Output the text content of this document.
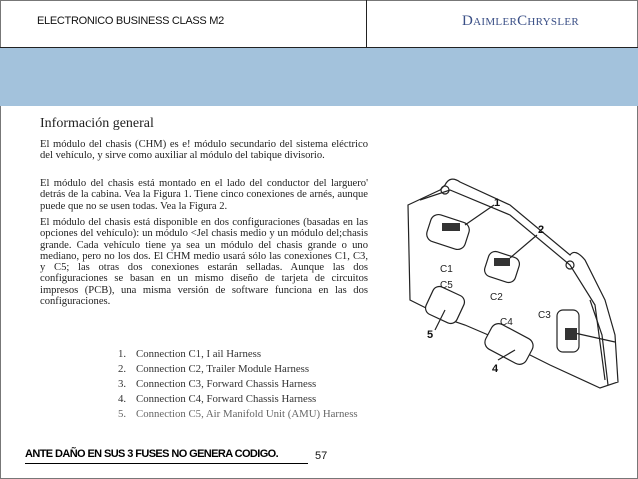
ELECTRONICO BUSINESS CLASS M2	DaimlerChrysler
Información general
El módulo del chasis (CHM) es e! módulo secundario del sistema eléctrico del vehículo, y sirve como auxiliar al módulo del tabique divisorio.
El módulo del chasis está montado en el lado del conductor del larguero' detrás de la cabina. Vea la Figura 1. Tiene cinco conexiones de arnés, aunque puede que no se usen todas. Vea la Figura 2.
El módulo del chasis está disponible en dos configuraciones (basadas en las opciones del vehículo): un módulo <Jel chasis medio y un módulo del;chasis grande. Cada vehículo tiene ya sea un módulo del chasis grande o uno mediano, pero no los dos. El CHM medio usará sólo las conexiones C1, C3, y C5; las otras dos conexiones estarán selladas. Aunque las dos configuraciones se basan en un mismo diseño de tarjeta de circuitos impresos (PCB), una misma versión de software funciona en las dos configuraciones.
1. Connection C1, I ail Harness
2. Connection C2, Trailer Module Harness
3. Connection C3, Forward Chassis Harness
4. Connection C4, Forward Chassis Harness
5. Connection C5, Air Manifold Unit (AMU) Harness
1
2
4
5
C1
C2
C3
C4
C5
ANTE DAÑO EN SUS 3 FUSES NO GENERA CODIGO.	57
